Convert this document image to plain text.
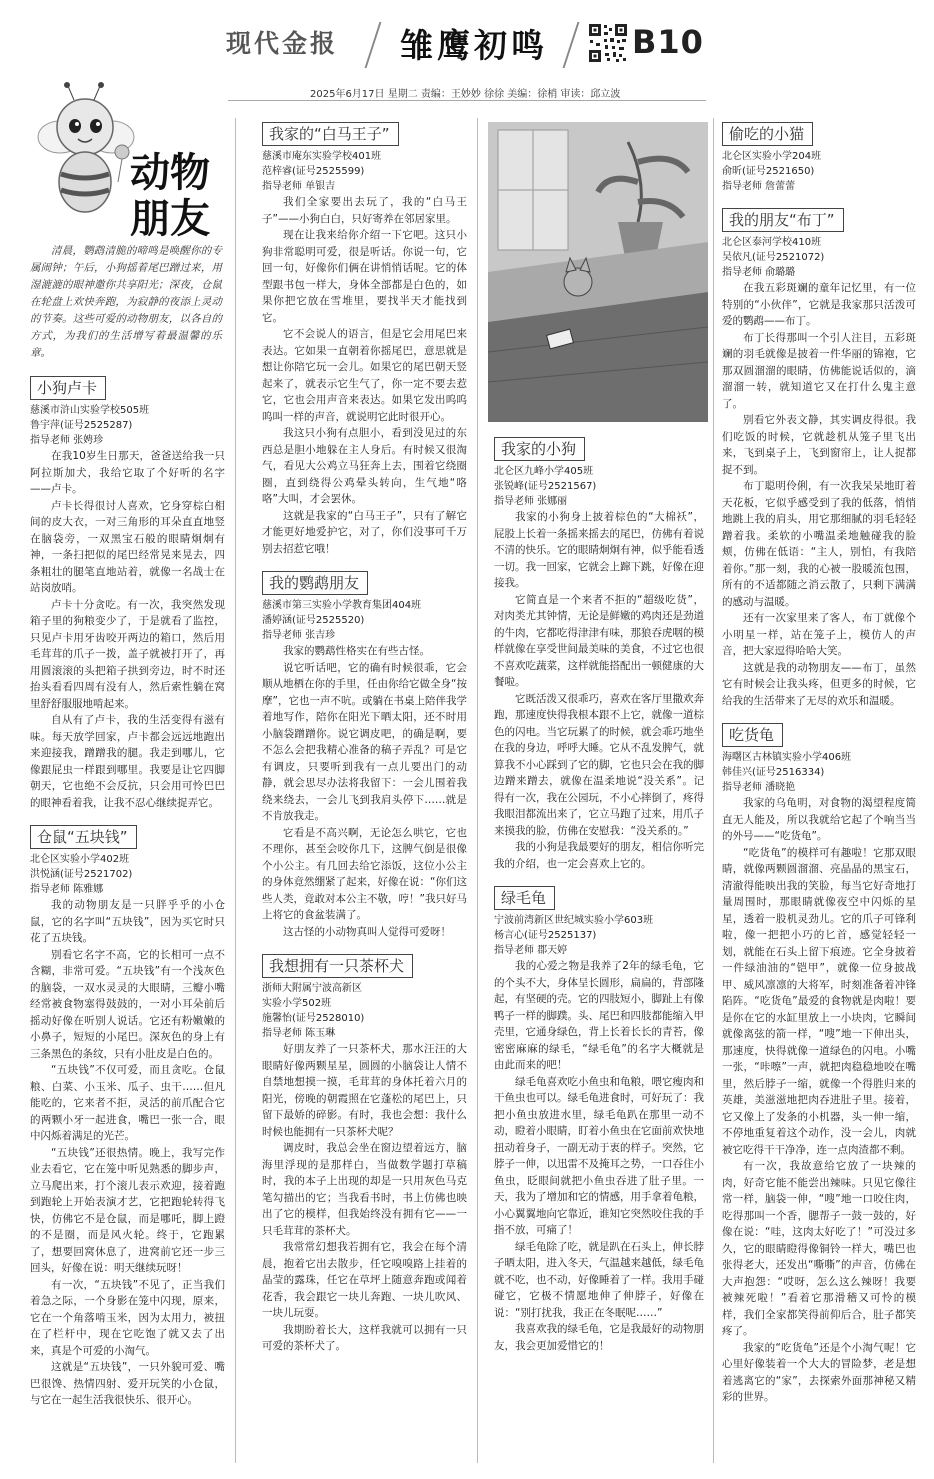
现代金报 雏鹰初鸣	B10
2025年6月17日 星期二 责编：王妙妙 徐徐 美编：徐梢 审读：邱立波
动物
朋友

清晨，鹦鹉清脆的啼鸣是唤醒你的专属闹钟；午后，小狗摇着尾巴蹭过来，用湿漉漉的眼神邀你共享阳光；深夜，仓鼠在轮盘上欢快奔跑，为寂静的夜添上灵动的节奏。这些可爱的动物朋友，以各自的方式，为我们的生活增写着最温馨的乐章。

小狗卢卡
慈溪市浒山实验学校505班
鲁宇萍(证号2525287)
指导老师 张娉珍

在我10岁生日那天，爸爸送给我一只阿拉斯加犬，我给它取了个好听的名字——卢卡。

卢卡长得很讨人喜欢，它身穿棕白相间的皮大衣，一对三角形的耳朵直直地竖在脑袋旁，一双黑宝石般的眼睛炯炯有神，一条扫把似的尾巴经常晃来晃去，四条粗壮的腿笔直地站着，就像一名战士在站岗放哨。

卢卡十分贪吃。有一次，我突然发现箱子里的狗粮变少了，于是就看了监控，只见卢卡用牙齿咬开两边的箱口，然后用毛茸茸的爪子一拨，盖子就被打开了，再用圆滚滚的头把箱子拱到旁边，时不时还抬头看看四周有没有人，然后索性躺在窝里舒舒服服地啃起来。

自从有了卢卡，我的生活变得有滋有味。每天放学回家，卢卡都会远远地跑出来迎接我，蹭蹭我的腿。我走到哪儿，它像跟屁虫一样跟到哪里。我要是让它四脚朝天，它也绝不会反抗，只会用可怜巴巴的眼神看着我，让我不忍心继续捉弄它。

仓鼠“五块钱”
北仑区实验小学402班
洪悦涵(证号2521702)
指导老师 陈雅娜

我的动物朋友是一只胖乎乎的小仓鼠，它的名字叫“五块钱”，因为买它时只花了五块钱。

别看它名字不高，它的长相可一点不含糊，非常可爱。“五块钱”有一个浅灰色的脑袋，一双水灵灵的大眼睛，三瓣小嘴经常被食物塞得鼓鼓的，一对小耳朵前后摇动好像在听别人说话。它还有粉嫩嫩的小鼻子，短短的小尾巴。深灰色的身上有三条黑色的条纹，只有小肚皮是白色的。

“五块钱”不仅可爱，而且贪吃。仓鼠粮、白菜、小玉米、瓜子、虫干……但凡能吃的，它来者不拒，灵活的前爪配合它的两颗小牙一起进食，嘴巴一张一合，眼中闪烁着满足的光芒。

“五块钱”还很热情。晚上，我写完作业去看它，它在笼中听见熟悉的脚步声，立马爬出来，打个滚儿表示欢迎，接着跑到跑轮上开始表演才艺，它把跑轮转得飞快，仿佛它不是仓鼠，而是哪吒，脚上蹬的不是圈，而是风火轮。终于，它跑累了，想要回窝休息了，进窝前它还一步三回头，好像在说：明天继续玩呀！

有一次，“五块钱”不见了，正当我们着急之际，一个身影在笼中闪现，原来，它在一个角落啃玉米，因为太用力，被扭在了栏杆中，现在它吃饱了就又去了出来，真是个可爱的小淘气。

这就是“五块钱”，一只外貌可爱、嘴巴很馋、热情四射、爱开玩笑的小仓鼠，与它在一起生活我很快乐、很开心。

我家的“白马王子”
慈溪市庵东实验学校401班
范梓睿(证号2525599)
指导老师 单银吉

我们全家要出去玩了，我的“白马王子”——小狗白白，只好寄养在邻居家里。

现在让我来给你介绍一下它吧。这只小狗非常聪明可爱，很是听话。你说一句，它回一句，好像你们俩在讲悄悄话呢。它的体型跟书包一样大，身体全部都是白色的，如果你把它放在雪堆里，要找半天才能找到它。

它不会说人的语言，但是它会用尾巴来表达。它如果一直朝着你摇尾巴，意思就是想让你陪它玩一会儿。如果它的尾巴朝天竖起来了，就表示它生气了，你一定不要去惹它，它也会用声音来表达。如果它发出呜呜呜叫一样的声音，就说明它此时很开心。

我这只小狗有点胆小，看到没见过的东西总是胆小地躲在主人身后。有时候又很淘气，看见大公鸡立马狂奔上去，围着它绕圈圈，直到绕得公鸡晕头转向，生气地“咯咯”大叫，才会罢休。

这就是我家的“白马王子”，只有了解它才能更好地爱护它，对了，你们没事可千万别去招惹它哦！

我的鹦鹉朋友
慈溪市第三实验小学教育集团404班
潘婷涵(证号2525520)
指导老师 张吉珍

我家的鹦鹉性格实在有些古怪。

说它听话吧，它的确有时候很乖，它会顺从地栖在你的手里，任由你给它做全身“按摩”，它也一声不吭。或躺在书桌上陪伴我学着地写作，陪你在阳光下晒太阳，还不时用小脑袋蹭蹭你。说它调皮吧，的确是啊，要不怎么会把我精心准备的稿子弄乱？可是它有调皮，只要听到我有一点儿要出门的动静，就会思尽办法将我留下：一会儿围着我绕来绕去，一会儿飞到我肩头停下……就是不肯放我走。

它看是不高兴啊，无论怎么哄它，它也不理你，甚至会咬你几下，这脾气倒是很像个小公主。有几回去给它添饭，这位小公主的身体竟然绷紧了起来，好像在说：“你们这些人类，竟敢对本公主不敬，哼！”我只好马上将它的食盆装满了。

这古怪的小动物真叫人觉得可爱呀！

我想拥有一只茶杯犬
浙师大附属宁波高新区
实验小学502班
施馨怡(证号2528010)
指导老师 陈玉琳

好朋友养了一只茶杯犬，那水汪汪的大眼睛好像两颗星星，圆圆的小脑袋让人情不自禁地想摸一摸，毛茸茸的身体托着六月的阳光，傍晚的朝霞照在它蓬松的尾巴上，只留下最娇的碎影。有时，我也会想：我什么时候也能拥有一只茶杯犬呢？

调皮时，我总会坐在窗边望着远方，脑海里浮现的是那样白，当做数学题打草稿时，我的本子上出现的却是一只用灰色马克笔勾描出的它；当我看书时，书上仿佛也映出了它的模样，但我始终没有拥有它——一只毛茸茸的茶杯犬。

我常常幻想我若拥有它，我会在每个清晨，抱着它出去散步，任它嗅嗅路上挂着的晶莹的露珠，任它在草坪上随意奔跑或闻着花香，我会跟它一块儿奔跑、一块儿吹风、一块儿玩耍。

我期盼着长大，这样我就可以拥有一只可爱的茶杯犬了。

我家的小狗
北仑区九峰小学405班
张锐峰(证号2521567)
指导老师 张娜丽

我家的小狗身上披着棕色的“大棉袄”，屁股上长着一条摇来摇去的尾巴，仿佛有着说不清的快乐。它的眼睛炯炯有神，似乎能看透一切。我一回家，它就会上蹿下跳，好像在迎接我。

它简直是一个来者不拒的“超级吃货”，对肉类尤其钟情，无论是鲜嫩的鸡肉还是劲道的牛肉，它都吃得津津有味，那狼吞虎咽的模样就像在享受世间最美味的美食，不过它也很不喜欢吃蔬菜，这样就能搭配出一顿健康的大餐啦。

它既活泼又很乖巧，喜欢在客厅里撒欢奔跑，那速度快得我根本跟不上它，就像一道棕色的闪电。当它玩累了的时候，就会乖巧地坐在我的身边，呼呼大睡。它从不乱发脾气，就算我不小心踩到了它的脚，它也只会在我的脚边蹭来蹭去，就像在温柔地说“没关系”。记得有一次，我在公园玩，不小心摔倒了，疼得我眼泪都流出来了，它立马跑了过来，用爪子来摸我的脸，仿佛在安慰我：“没关系的。”

我的小狗是我最要好的朋友，相信你听完我的介绍，也一定会喜欢上它的。

绿毛龟
宁波前湾新区世纪城实验小学603班
杨言心(证号2525137)
指导老师 郡天婷

我的心爱之物是我养了2年的绿毛龟，它的个头不大，身体呈长圆形，扁扁的，背部隆起，有坚硬的壳。它的四肢短小，脚趾上有像鸭子一样的脚蹼。头、尾巴和四肢都能缩入甲壳里，它通身绿色，背上长着长长的青苔，像密密麻麻的绿毛，“绿毛龟”的名字大概就是由此而来的吧！

绿毛龟喜欢吃小鱼虫和龟粮，喂它瘦肉和干鱼虫也可以。绿毛龟进食时，可好玩了：我把小鱼虫放进水里，绿毛龟趴在那里一动不动，瞪着小眼睛，盯着小鱼虫在它面前欢快地扭动着身子，一副无动于衷的样子。突然，它脖子一伸，以迅雷不及掩耳之势，一口吞住小鱼虫，眨眼间就把小鱼虫吞进了肚子里。一天，我为了增加和它的情感，用手拿着龟粮，小心翼翼地向它靠近，谁知它突然咬住我的手指不放，可痛了！

绿毛龟除了吃，就是趴在石头上，伸长脖子晒太阳，进入冬天，气温越来越低，绿毛龟就不吃，也不动，好像睡着了一样。我用手碰碰它，它极不情愿地伸了伸脖子，好像在说：“别打扰我，我正在冬眠呢……”

我喜欢我的绿毛龟，它是我最好的动物朋友，我会更加爱惜它的！

偷吃的小猫
北仑区实验小学204班
俞昕(证号2521650)
指导老师 詹蕾蕾
我的朋友“布丁”
北仑区泰河学校410班
吴依凡(证号2521072)
指导老师 俞璐璐

在我五彩斑斓的童年记忆里，有一位特别的“小伙伴”，它就是我家那只活泼可爱的鹦鹉——布丁。

布丁长得那叫一个引人注目，五彩斑斓的羽毛就像是披着一件华丽的锦袍，它那双圆溜溜的眼睛，仿佛能说话似的，滴溜溜一转，就知道它又在打什么鬼主意了。

别看它外表文静，其实调皮得很。我们吃饭的时候，它就趁机从笼子里飞出来，飞到桌子上，飞到窗帘上，让人捉都捉不到。

布丁聪明伶俐，有一次我呆呆地盯着天花板，它似乎感受到了我的低落，悄悄地跳上我的肩头，用它那细腻的羽毛轻轻蹭着我。柔软的小嘴温柔地触碰我的脸颊，仿佛在低语：“主人，别怕，有我陪着你。”那一刻，我的心被一股暖流包围，所有的不适都随之消云散了，只剩下满满的感动与温暖。

还有一次家里来了客人，布丁就像个小明星一样，站在笼子上，模仿人的声音，把大家逗得哈哈大笑。

这就是我的动物朋友——布丁，虽然它有时候会让我头疼，但更多的时候，它给我的生活带来了无尽的欢乐和温暖。

吃货龟
海曙区古林镇实验小学406班
韩佳兴(证号2516334)
指导老师 潘晓艳

我家的乌龟明，对食物的渴望程度简直无人能及，所以我就给它起了个响当当的外号——“吃货龟”。

“吃货龟”的模样可有趣啦！它那双眼睛，就像两颗圆溜溜、亮晶晶的黑宝石，清澈得能映出我的笑脸，每当它好奇地打量周围时，那眼睛就像夜空中闪烁的星星，透着一股机灵劲儿。它的爪子可锋利啦，像一把把小巧的匕首，感觉轻轻一划，就能在石头上留下痕迹。它全身披着一件绿油油的“铠甲”，就像一位身披战甲、威风凛凛的大将军，时刻准备着冲锋陷阵。“吃货龟”最爱的食物就是肉啦！要是你在它的水缸里放上一小块肉，它瞬间就像离弦的箭一样，“嗖”地一下伸出头，那速度，快得就像一道绿色的闪电。小嘴一张，“咔嚓”一声，就把肉稳稳地咬在嘴里，然后脖子一缩，就像一个得胜归来的英雄，美滋滋地把肉吞进肚子里。接着，它又像上了发条的小机器，头一伸一缩，不停地重复着这个动作，没一会儿，肉就被它吃得干干净净，连一点肉渣都不剩。

有一次，我故意给它放了一块辣的肉，好奇它能不能尝出辣味。只见它像往常一样，脑袋一伸，“嗖”地一口咬住肉，吃得那叫一个香，腮帮子一鼓一鼓的，好像在说：“哇，这肉太好吃了！”可没过多久，它的眼睛瞪得像铜铃一样大，嘴巴也张得老大，还发出“嘶嘶”的声音，仿佛在大声抱怨：“哎呀，怎么这么辣呀！我要被辣死啦！”看着它那滑稽又可怜的模样，我们全家都笑得前仰后合，肚子都笑疼了。

我家的“吃货龟”还是个小淘气呢！它心里好像装着一个大大的冒险梦，老是想着逃离它的“家”，去探索外面那神秘又精彩的世界。
